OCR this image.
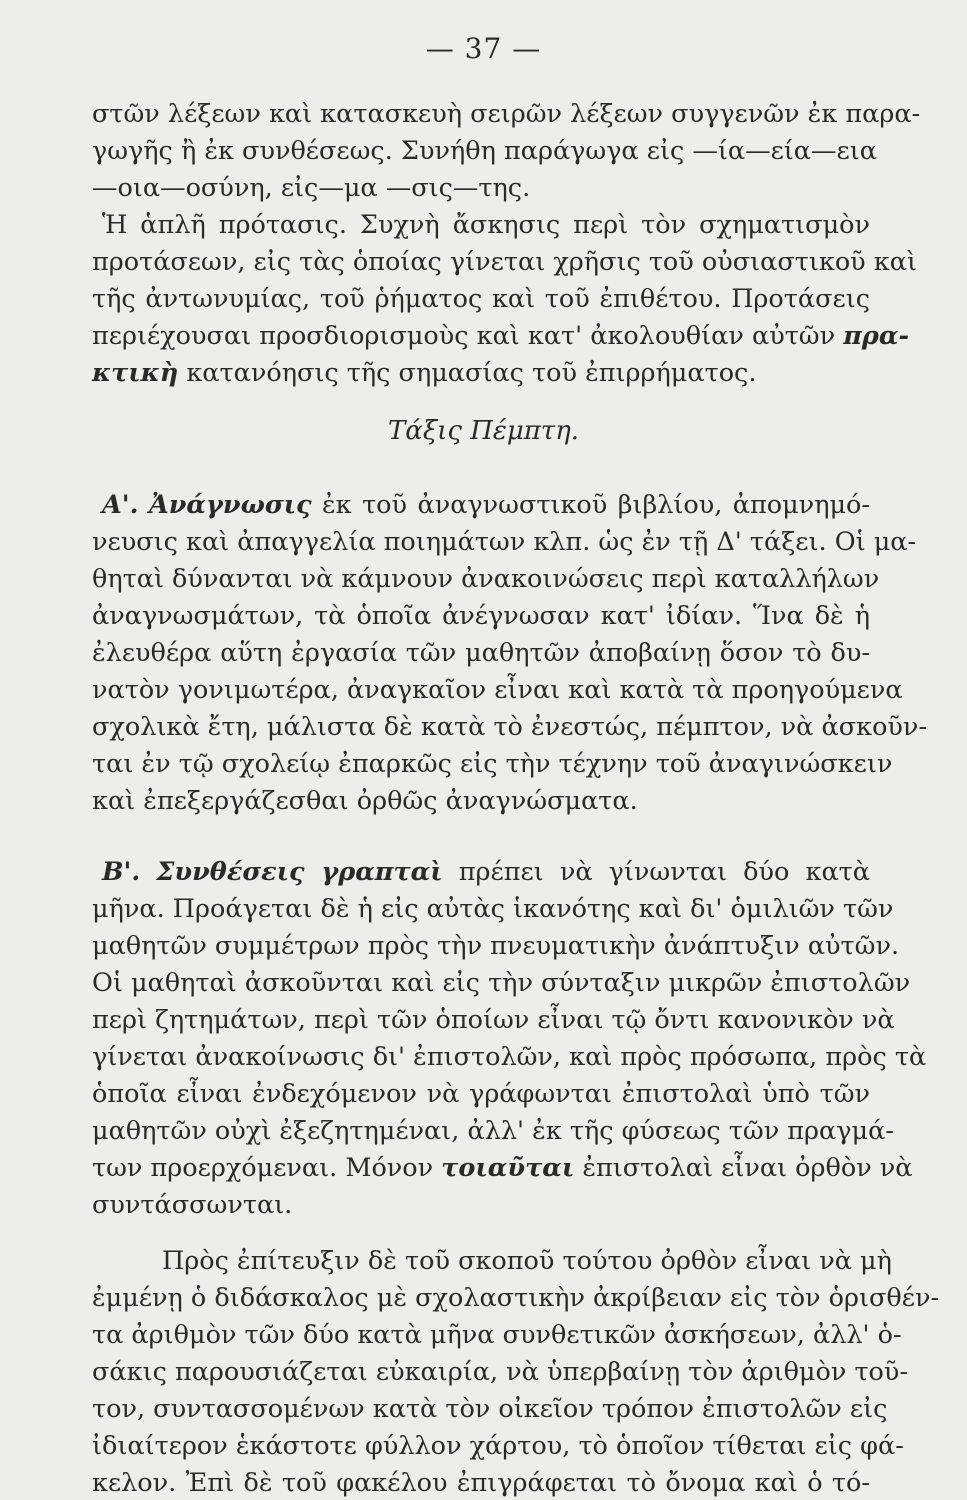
— 37 —
στῶν λέξεων καὶ κατασκευὴ σειρῶν λέξεων συγγενῶν ἐκ παρα-
γωγῆς ἢ ἐκ συνθέσεως. Συνήθη παράγωγα εἰς —ία—εία—εια
—οια—οσύνη, εἰς—μα —σις—της.
Ἡ ἁπλῆ πρότασις. Συχνὴ ἄσκησις περὶ τὸν σχηματισμὸν
προτάσεων, εἰς τὰς ὁποίας γίνεται χρῆσις τοῦ οὐσιαστικοῦ καὶ
τῆς ἀντωνυμίας, τοῦ ῥήματος καὶ τοῦ ἐπιθέτου. Προτάσεις
περιέχουσαι προσδιορισμοὺς καὶ κατ' ἀκολουθίαν αὐτῶν πρα-
κτικὴ κατανόησις τῆς σημασίας τοῦ ἐπιρρήματος.
Τάξις Πέμπτη.
Α'. Ἀνάγνωσις ἐκ τοῦ ἀναγνωστικοῦ βιβλίου, ἀπομνημό-
νευσις καὶ ἀπαγγελία ποιημάτων κλπ. ὡς ἐν τῇ Δ' τάξει. Οἱ μα-
θηταὶ δύνανται νὰ κάμνουν ἀνακοινώσεις περὶ καταλλήλων
ἀναγνωσμάτων, τὰ ὁποῖα ἀνέγνωσαν κατ' ἰδίαν. Ἵνα δὲ ἡ
ἐλευθέρα αὕτη ἐργασία τῶν μαθητῶν ἀποβαίνῃ ὅσον τὸ δυ-
νατὸν γονιμωτέρα, ἀναγκαῖον εἶναι καὶ κατὰ τὰ προηγούμενα
σχολικὰ ἔτη, μάλιστα δὲ κατὰ τὸ ἐνεστώς, πέμπτον, νὰ ἀσκοῦν-
ται ἐν τῷ σχολείῳ ἐπαρκῶς εἰς τὴν τέχνην τοῦ ἀναγινώσκειν
καὶ ἐπεξεργάζεσθαι ὀρθῶς ἀναγνώσματα.
Β'. Συνθέσεις γραπταὶ πρέπει νὰ γίνωνται δύο κατὰ
μῆνα. Προάγεται δὲ ἡ εἰς αὐτὰς ἱκανότης καὶ δι' ὁμιλιῶν τῶν
μαθητῶν συμμέτρων πρὸς τὴν πνευματικὴν ἀνάπτυξιν αὐτῶν.
Οἱ μαθηταὶ ἀσκοῦνται καὶ εἰς τὴν σύνταξιν μικρῶν ἐπιστολῶν
περὶ ζητημάτων, περὶ τῶν ὁποίων εἶναι τῷ ὄντι κανονικὸν νὰ
γίνεται ἀνακοίνωσις δι' ἐπιστολῶν, καὶ πρὸς πρόσωπα, πρὸς τὰ
ὁποῖα εἶναι ἐνδεχόμενον νὰ γράφωνται ἐπιστολαὶ ὑπὸ τῶν
μαθητῶν οὐχὶ ἐξεζητημέναι, ἀλλ' ἐκ τῆς φύσεως τῶν πραγμά-
των προερχόμεναι. Μόνον τοιαῦται ἐπιστολαὶ εἶναι ὀρθὸν νὰ
συντάσσωνται.
Πρὸς ἐπίτευξιν δὲ τοῦ σκοποῦ τούτου ὀρθὸν εἶναι νὰ μὴ
ἐμμένῃ ὁ διδάσκαλος μὲ σχολαστικὴν ἀκρίβειαν εἰς τὸν ὁρισθέν-
τα ἀριθμὸν τῶν δύο κατὰ μῆνα συνθετικῶν ἀσκήσεων, ἀλλ' ὁ-
σάκις παρουσιάζεται εὐκαιρία, νὰ ὑπερβαίνῃ τὸν ἀριθμὸν τοῦ-
τον, συντασσομένων κατὰ τὸν οἰκεῖον τρόπον ἐπιστολῶν εἰς
ἰδιαίτερον ἑκάστοτε φύλλον χάρτου, τὸ ὁποῖον τίθεται εἰς φά-
κελον. Ἐπὶ δὲ τοῦ φακέλου ἐπιγράφεται τὸ ὄνομα καὶ ὁ τό-
